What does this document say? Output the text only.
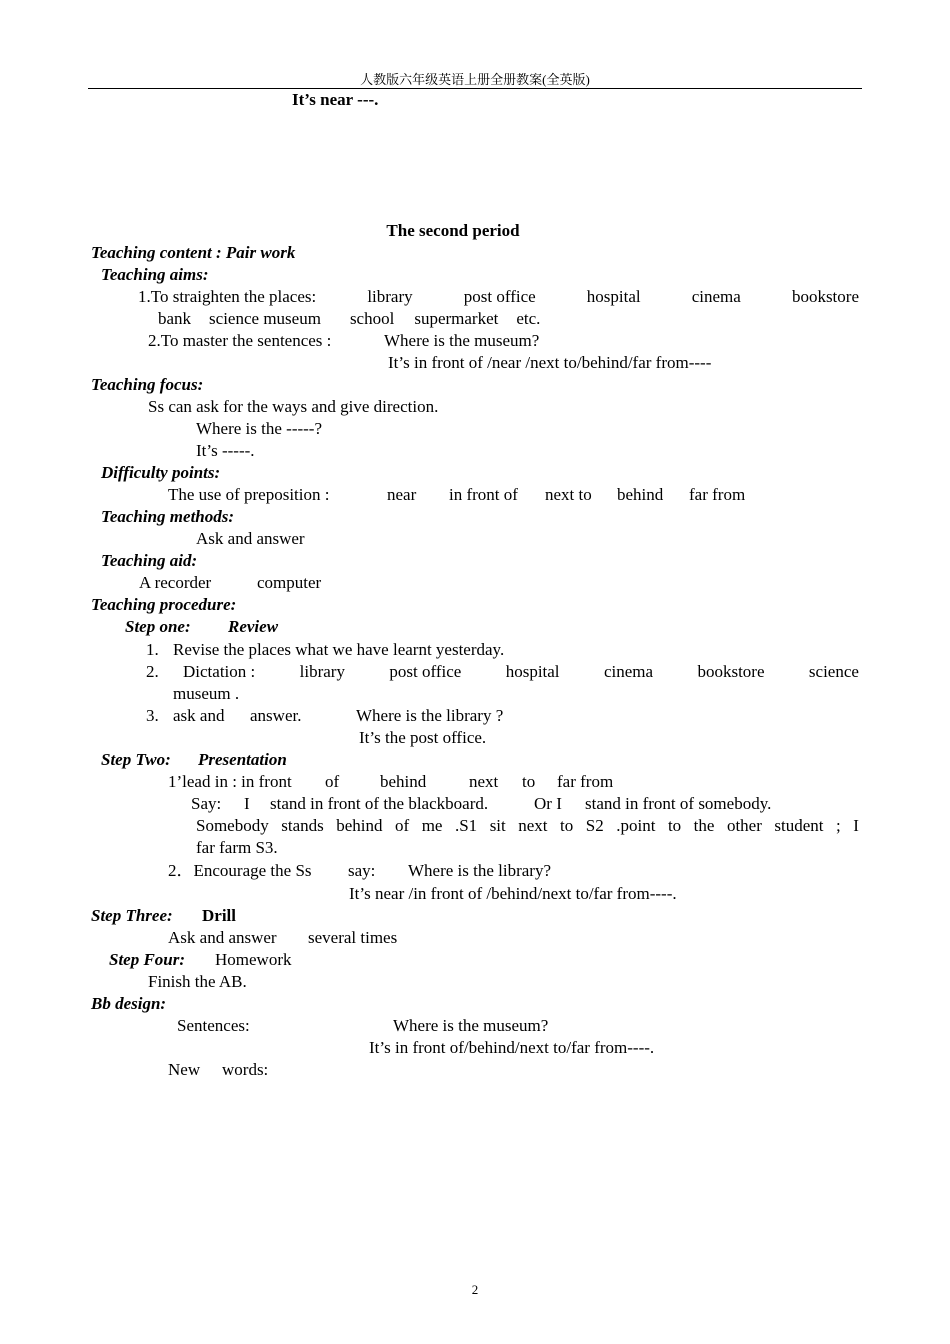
人教版六年级英语上册全册教案(全英版)
It’s near ---.
The second period
Teaching content : Pair work
Teaching aims:
1.To straighten the places:	library	post office	hospital	cinema	bookstore
bank science museum school supermarket etc.
2.To master the sentences :	Where is the museum?
It’s in front of /near /next to/behind/far from----
Teaching focus:
Ss can ask for the ways and give direction.
Where is the -----?
It’s -----.
Difficulty points:
The use of preposition :	near in front of next to behind far from
Teaching methods:
Ask and answer
Teaching aid:
A recorder	computer
Teaching procedure:
Step one: Review
1. Revise the places what we have learnt yesterday.
2. Dictation :	library	post office	hospital	cinema	bookstore	science
museum .
3. ask and answer.	Where is the library ?
It’s the post office.
Step Two: Presentation
1’lead in : in front of behind	next to far from
Say: I stand in front of the blackboard.	Or I stand in front of somebody.
Somebody stands behind of me .S1 sit next to S2 .point to the other student ; I
far farm S3.
2．Encourage the Ss say: Where is the library?
It’s near /in front of /behind/next to/far from----.
Step Three: Drill
Ask and answer several times
Step Four: Homework
Finish the AB.
Bb design:
Sentences:	Where is the museum?
It’s in front of/behind/next to/far from----.
New words:
2
